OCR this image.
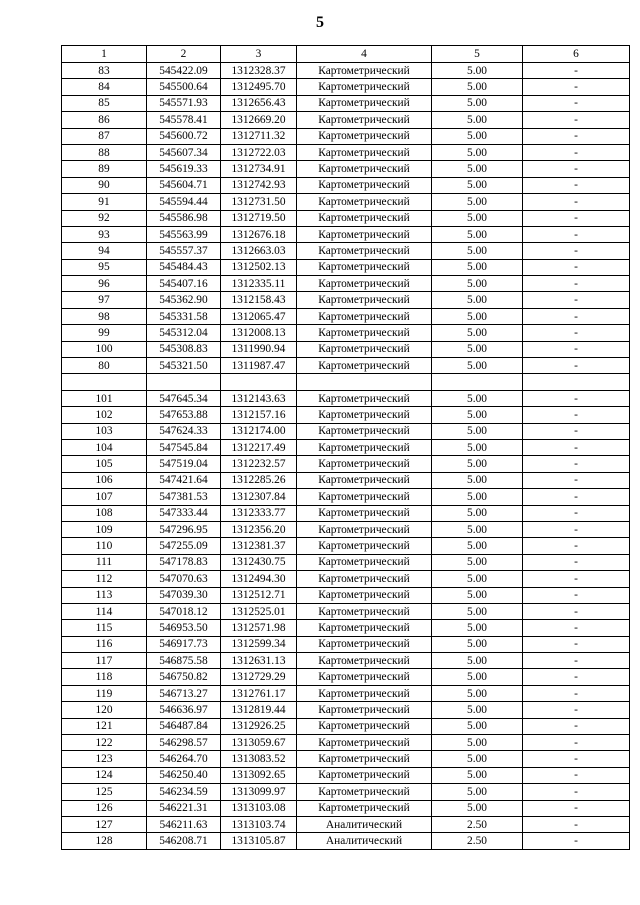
5
1	2	3	4	5	6
83	545422.09	1312328.37	Картометрический	5.00	-
84	545500.64	1312495.70	Картометрический	5.00	-
85	545571.93	1312656.43	Картометрический	5.00	-
86	545578.41	1312669.20	Картометрический	5.00	-
87	545600.72	1312711.32	Картометрический	5.00	-
88	545607.34	1312722.03	Картометрический	5.00	-
89	545619.33	1312734.91	Картометрический	5.00	-
90	545604.71	1312742.93	Картометрический	5.00	-
91	545594.44	1312731.50	Картометрический	5.00	-
92	545586.98	1312719.50	Картометрический	5.00	-
93	545563.99	1312676.18	Картометрический	5.00	-
94	545557.37	1312663.03	Картометрический	5.00	-
95	545484.43	1312502.13	Картометрический	5.00	-
96	545407.16	1312335.11	Картометрический	5.00	-
97	545362.90	1312158.43	Картометрический	5.00	-
98	545331.58	1312065.47	Картометрический	5.00	-
99	545312.04	1312008.13	Картометрический	5.00	-
100	545308.83	1311990.94	Картометрический	5.00	-
80	545321.50	1311987.47	Картометрический	5.00	-

101	547645.34	1312143.63	Картометрический	5.00	-
102	547653.88	1312157.16	Картометрический	5.00	-
103	547624.33	1312174.00	Картометрический	5.00	-
104	547545.84	1312217.49	Картометрический	5.00	-
105	547519.04	1312232.57	Картометрический	5.00	-
106	547421.64	1312285.26	Картометрический	5.00	-
107	547381.53	1312307.84	Картометрический	5.00	-
108	547333.44	1312333.77	Картометрический	5.00	-
109	547296.95	1312356.20	Картометрический	5.00	-
110	547255.09	1312381.37	Картометрический	5.00	-
111	547178.83	1312430.75	Картометрический	5.00	-
112	547070.63	1312494.30	Картометрический	5.00	-
113	547039.30	1312512.71	Картометрический	5.00	-
114	547018.12	1312525.01	Картометрический	5.00	-
115	546953.50	1312571.98	Картометрический	5.00	-
116	546917.73	1312599.34	Картометрический	5.00	-
117	546875.58	1312631.13	Картометрический	5.00	-
118	546750.82	1312729.29	Картометрический	5.00	-
119	546713.27	1312761.17	Картометрический	5.00	-
120	546636.97	1312819.44	Картометрический	5.00	-
121	546487.84	1312926.25	Картометрический	5.00	-
122	546298.57	1313059.67	Картометрический	5.00	-
123	546264.70	1313083.52	Картометрический	5.00	-
124	546250.40	1313092.65	Картометрический	5.00	-
125	546234.59	1313099.97	Картометрический	5.00	-
126	546221.31	1313103.08	Картометрический	5.00	-
127	546211.63	1313103.74	Аналитический	2.50	-
128	546208.71	1313105.87	Аналитический	2.50	-
